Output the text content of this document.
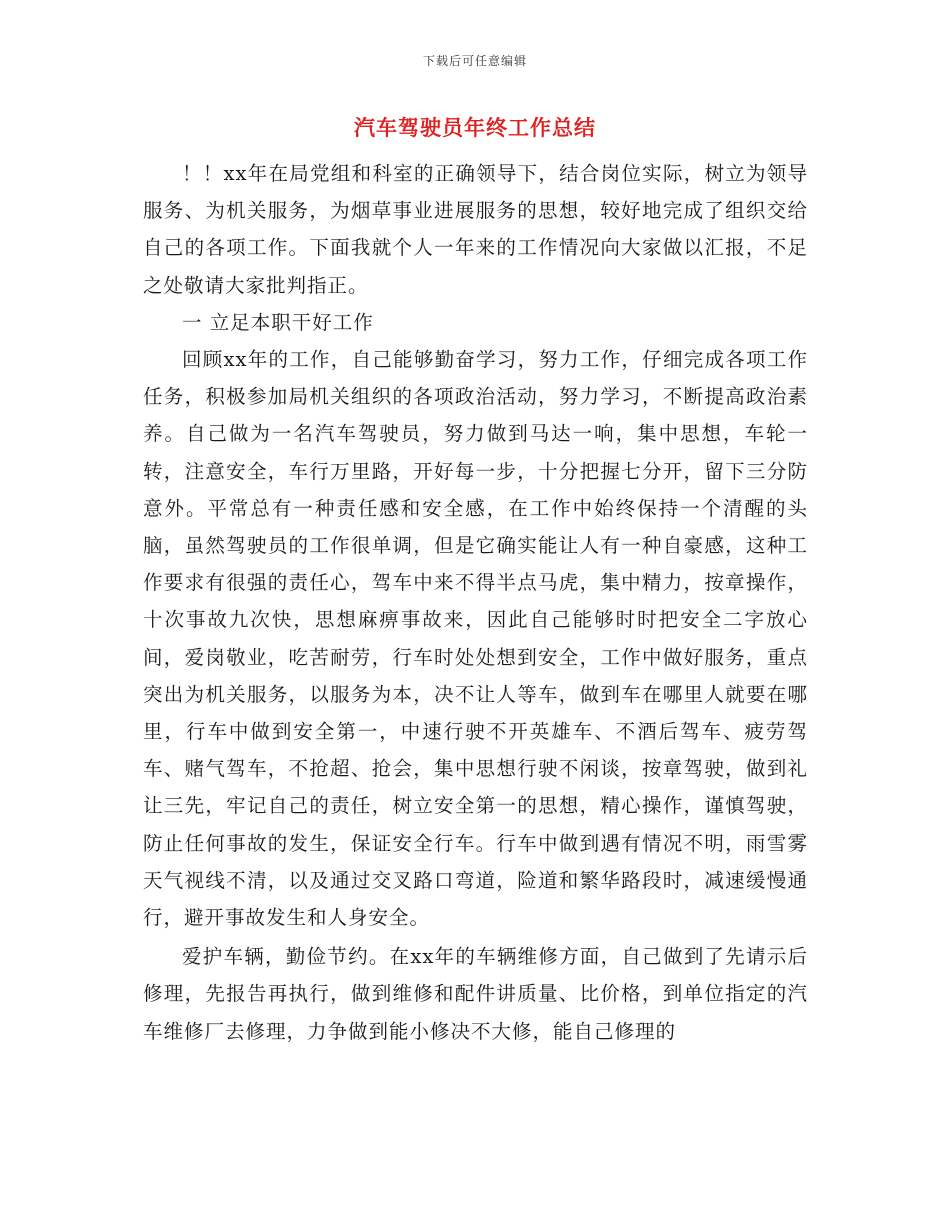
下载后可任意编辑
汽车驾驶员年终工作总结

！！xx年在局党组和科室的正确领导下，结合岗位实际，树立为领导服务、为机关服务，为烟草事业进展服务的思想，较好地完成了组织交给自己的各项工作。下面我就个人一年来的工作情况向大家做以汇报，不足之处敬请大家批判指正。

一 立足本职干好工作

回顾xx年的工作，自己能够勤奋学习，努力工作，仔细完成各项工作任务，积极参加局机关组织的各项政治活动，努力学习，不断提高政治素养。自己做为一名汽车驾驶员，努力做到马达一响，集中思想，车轮一转，注意安全，车行万里路，开好每一步，十分把握七分开，留下三分防意外。平常总有一种责任感和安全感，在工作中始终保持一个清醒的头脑，虽然驾驶员的工作很单调，但是它确实能让人有一种自豪感，这种工作要求有很强的责任心，驾车中来不得半点马虎，集中精力，按章操作，十次事故九次快，思想麻痹事故来，因此自己能够时时把安全二字放心间，爱岗敬业，吃苦耐劳，行车时处处想到安全，工作中做好服务，重点突出为机关服务，以服务为本，决不让人等车，做到车在哪里人就要在哪里，行车中做到安全第一，中速行驶不开英雄车、不酒后驾车、疲劳驾车、赌气驾车，不抢超、抢会，集中思想行驶不闲谈，按章驾驶，做到礼让三先，牢记自己的责任，树立安全第一的思想，精心操作，谨慎驾驶，防止任何事故的发生，保证安全行车。行车中做到遇有情况不明，雨雪雾天气视线不清，以及通过交叉路口弯道，险道和繁华路段时，减速缓慢通行，避开事故发生和人身安全。

爱护车辆，勤俭节约。在xx年的车辆维修方面，自己做到了先请示后修理，先报告再执行，做到维修和配件讲质量、比价格，到单位指定的汽车维修厂去修理，力争做到能小修决不大修，能自己修理的
